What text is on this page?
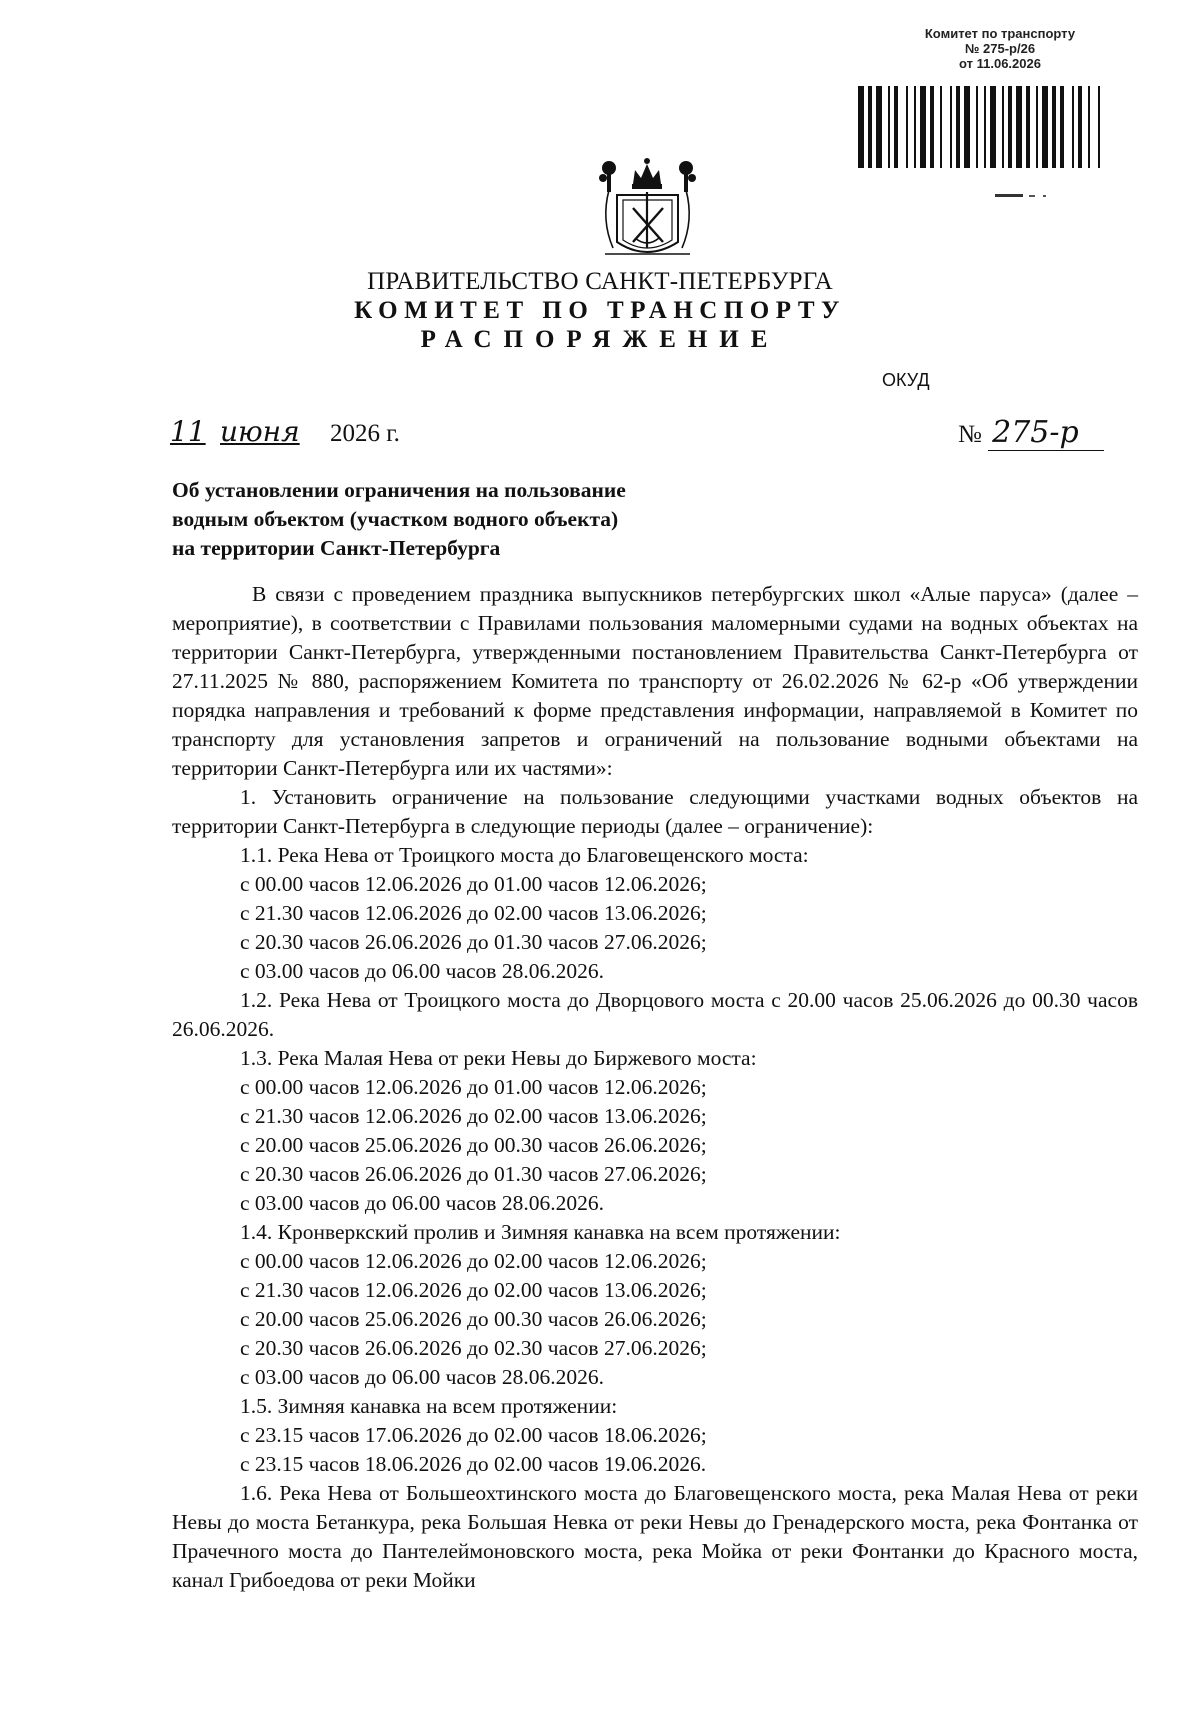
Комитет по транспорту
№ 275-р/26
от 11.06.2026
ПРАВИТЕЛЬСТВО САНКТ-ПЕТЕРБУРГА
КОМИТЕТ ПО ТРАНСПОРТУ
РАСПОРЯЖЕНИЕ
ОКУД
11 июня 2026 г.	№ 275-р
Об установлении ограничения на пользование
водным объектом (участком водного объекта)
на территории Санкт-Петербурга

В связи с проведением праздника выпускников петербургских школ «Алые паруса» (далее – мероприятие), в соответствии с Правилами пользования маломерными судами на водных объектах на территории Санкт-Петербурга, утвержденными постановлением Правительства Санкт-Петербурга от 27.11.2025 № 880, распоряжением Комитета по транспорту от 26.02.2026 № 62-р «Об утверждении порядка направления и требований к форме представления информации, направляемой в Комитет по транспорту для установления запретов и ограничений на пользование водными объектами на территории Санкт-Петербурга или их частями»:

1. Установить ограничение на пользование следующими участками водных объектов на территории Санкт-Петербурга в следующие периоды (далее – ограничение):

1.1. Река Нева от Троицкого моста до Благовещенского моста:

с 00.00 часов 12.06.2026 до 01.00 часов 12.06.2026;

с 21.30 часов 12.06.2026 до 02.00 часов 13.06.2026;

с 20.30 часов 26.06.2026 до 01.30 часов 27.06.2026;

с 03.00 часов до 06.00 часов 28.06.2026.

1.2. Река Нева от Троицкого моста до Дворцового моста с 20.00 часов 25.06.2026 до 00.30 часов 26.06.2026.

1.3. Река Малая Нева от реки Невы до Биржевого моста:

с 00.00 часов 12.06.2026 до 01.00 часов 12.06.2026;

с 21.30 часов 12.06.2026 до 02.00 часов 13.06.2026;

с 20.00 часов 25.06.2026 до 00.30 часов 26.06.2026;

с 20.30 часов 26.06.2026 до 01.30 часов 27.06.2026;

с 03.00 часов до 06.00 часов 28.06.2026.

1.4. Кронверкский пролив и Зимняя канавка на всем протяжении:

с 00.00 часов 12.06.2026 до 02.00 часов 12.06.2026;

с 21.30 часов 12.06.2026 до 02.00 часов 13.06.2026;

с 20.00 часов 25.06.2026 до 00.30 часов 26.06.2026;

с 20.30 часов 26.06.2026 до 02.30 часов 27.06.2026;

с 03.00 часов до 06.00 часов 28.06.2026.

1.5. Зимняя канавка на всем протяжении:

с 23.15 часов 17.06.2026 до 02.00 часов 18.06.2026;

с 23.15 часов 18.06.2026 до 02.00 часов 19.06.2026.

1.6. Река Нева от Большеохтинского моста до Благовещенского моста, река Малая Нева от реки Невы до моста Бетанкура, река Большая Невка от реки Невы до Гренадерского моста, река Фонтанка от Прачечного моста до Пантелеймоновского моста, река Мойка от реки Фонтанки до Красного моста, канал Грибоедова от реки Мойки
